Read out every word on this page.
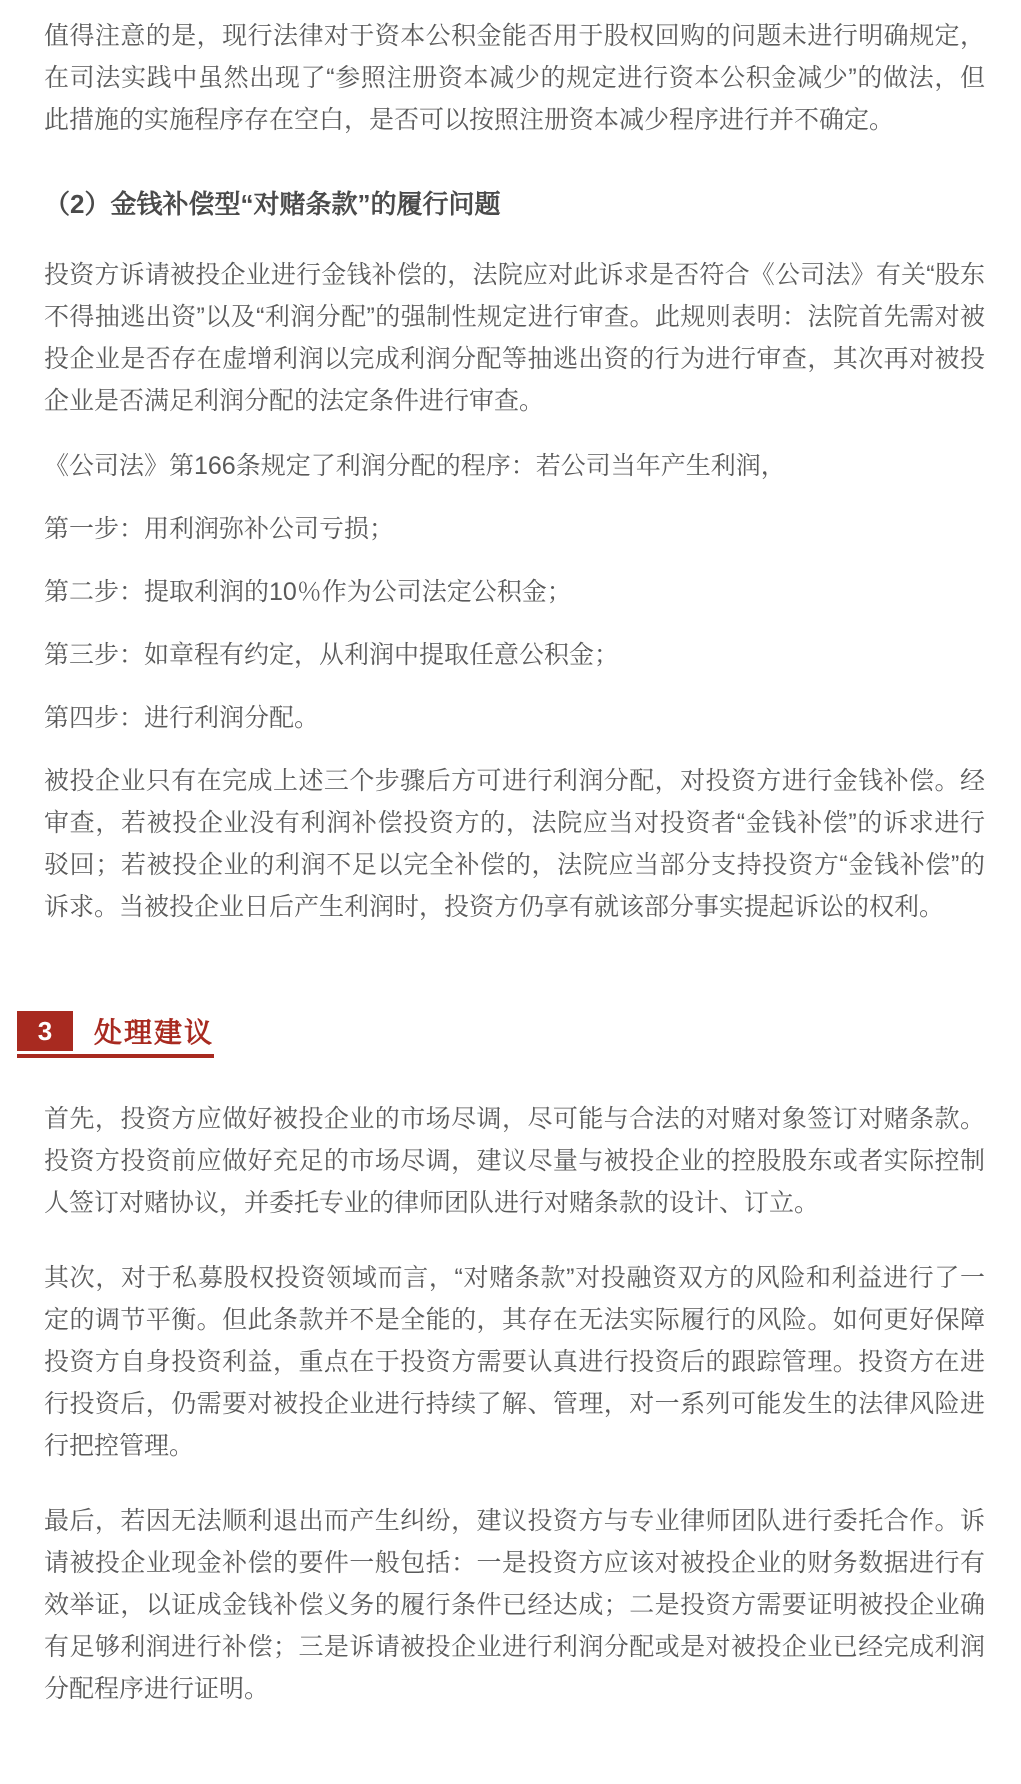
值得注意的是，现行法律对于资本公积金能否用于股权回购的问题未进行明确规定，在司法实践中虽然出现了“参照注册资本减少的规定进行资本公积金减少”的做法，但此措施的实施程序存在空白，是否可以按照注册资本减少程序进行并不确定。

（2）金钱补偿型“对赌条款”的履行问题

投资方诉请被投企业进行金钱补偿的，法院应对此诉求是否符合《公司法》有关“股东不得抽逃出资”以及“利润分配”的强制性规定进行审查。此规则表明：法院首先需对被投企业是否存在虚增利润以完成利润分配等抽逃出资的行为进行审查，其次再对被投企业是否满足利润分配的法定条件进行审查。

《公司法》第166条规定了利润分配的程序：若公司当年产生利润，

第一步：用利润弥补公司亏损；

第二步：提取利润的10％作为公司法定公积金；

第三步：如章程有约定，从利润中提取任意公积金；

第四步：进行利润分配。

被投企业只有在完成上述三个步骤后方可进行利润分配，对投资方进行金钱补偿。经审查，若被投企业没有利润补偿投资方的，法院应当对投资者“金钱补偿”的诉求进行驳回；若被投企业的利润不足以完全补偿的，法院应当部分支持投资方“金钱补偿”的诉求。当被投企业日后产生利润时，投资方仍享有就该部分事实提起诉讼的权利。

3	处理建议

首先，投资方应做好被投企业的市场尽调，尽可能与合法的对赌对象签订对赌条款。投资方投资前应做好充足的市场尽调，建议尽量与被投企业的控股股东或者实际控制人签订对赌协议，并委托专业的律师团队进行对赌条款的设计、订立。

其次，对于私募股权投资领域而言，“对赌条款”对投融资双方的风险和利益进行了一定的调节平衡。但此条款并不是全能的，其存在无法实际履行的风险。如何更好保障投资方自身投资利益，重点在于投资方需要认真进行投资后的跟踪管理。投资方在进行投资后，仍需要对被投企业进行持续了解、管理，对一系列可能发生的法律风险进行把控管理。

最后，若因无法顺利退出而产生纠纷，建议投资方与专业律师团队进行委托合作。诉请被投企业现金补偿的要件一般包括：一是投资方应该对被投企业的财务数据进行有效举证，以证成金钱补偿义务的履行条件已经达成；二是投资方需要证明被投企业确有足够利润进行补偿；三是诉请被投企业进行利润分配或是对被投企业已经完成利润分配程序进行证明。
